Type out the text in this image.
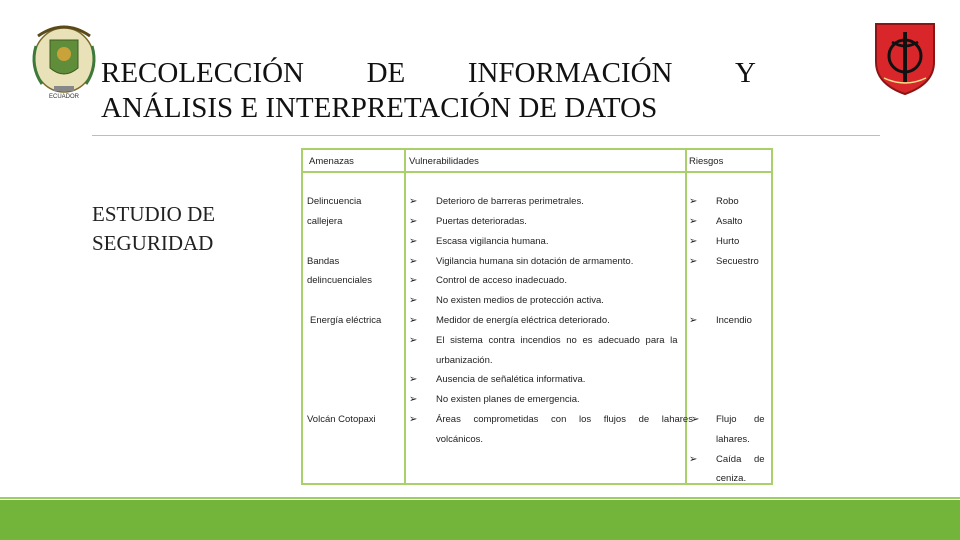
ECUADOR
RECOLECCIÓN DE INFORMACIÓN Y
ANÁLISIS E INTERPRETACIÓN DE DATOS
ESTUDIO DE
SEGURIDAD
Amenazas	Vulnerabilidades	Riesgos
Delincuencia
callejera
Bandas
delincuenciales
Energía eléctrica
Volcán Cotopaxi
➢
➢
➢
➢
➢
➢
➢
➢
➢
➢
➢
Deterioro de barreras perimetrales.
Puertas deterioradas.
Escasa vigilancia humana.
Vigilancia humana sin dotación de armamento.
Control de acceso inadecuado.
No existen medios de protección activa.
Medidor de energía eléctrica deteriorado.
El sistema contra incendios no es adecuado para la
urbanización.
Ausencia de señalética informativa.
No existen planes de emergencia.
Áreas comprometidas con los flujos de lahares
volcánicos.
➢
➢
➢
➢
➢
➢
➢
Robo
Asalto
Hurto
Secuestro
Incendio
Flujo de
lahares.
Caída de
ceniza.
